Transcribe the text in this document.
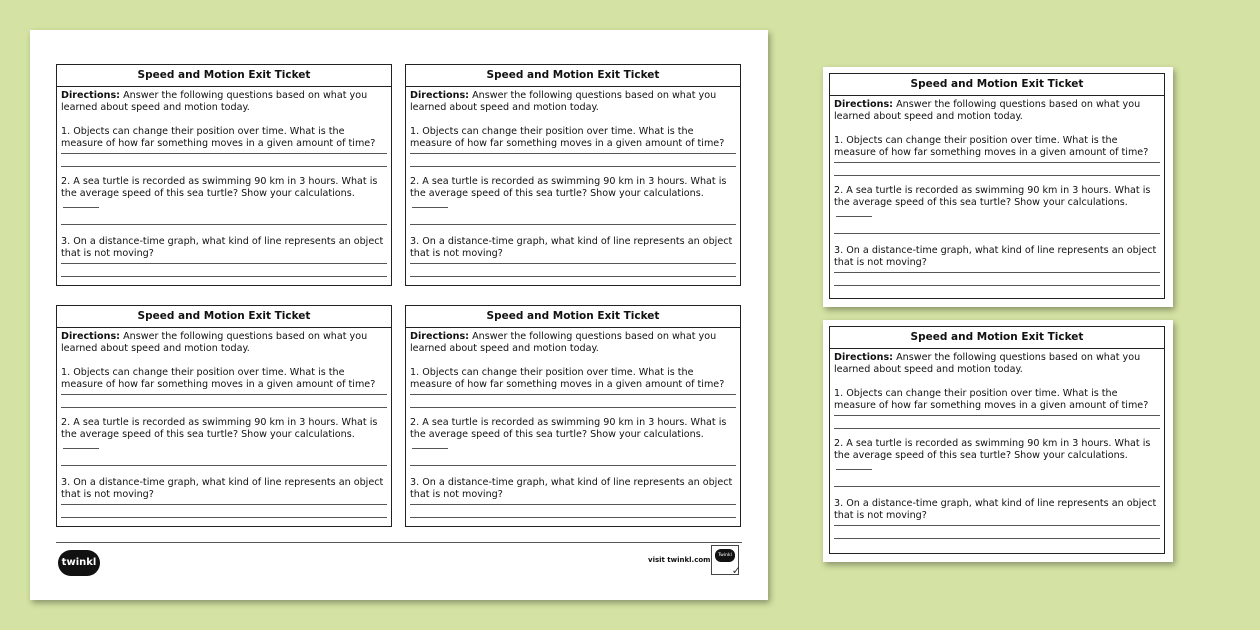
Speed and Motion Exit Ticket

Directions: Answer the following questions based on what you learned about speed and motion today.

1. Objects can change their position over time. What is the measure of how far something moves in a given amount of time?

2. A sea turtle is recorded as swimming 90 km in 3 hours. What is the average speed of this sea turtle? Show your calculations.

3. On a distance-time graph, what kind of line represents an object that is not moving?

Speed and Motion Exit Ticket

Directions: Answer the following questions based on what you learned about speed and motion today.

1. Objects can change their position over time. What is the measure of how far something moves in a given amount of time?

2. A sea turtle is recorded as swimming 90 km in 3 hours. What is the average speed of this sea turtle? Show your calculations.

3. On a distance-time graph, what kind of line represents an object that is not moving?

Speed and Motion Exit Ticket

Directions: Answer the following questions based on what you learned about speed and motion today.

1. Objects can change their position over time. What is the measure of how far something moves in a given amount of time?

2. A sea turtle is recorded as swimming 90 km in 3 hours. What is the average speed of this sea turtle? Show your calculations.

3. On a distance-time graph, what kind of line represents an object that is not moving?

Speed and Motion Exit Ticket

Directions: Answer the following questions based on what you learned about speed and motion today.

1. Objects can change their position over time. What is the measure of how far something moves in a given amount of time?

2. A sea turtle is recorded as swimming 90 km in 3 hours. What is the average speed of this sea turtle? Show your calculations.

3. On a distance-time graph, what kind of line represents an object that is not moving?

twinkl	visit twinkl.com
Twinkl
✓
Speed and Motion Exit Ticket

Directions: Answer the following questions based on what you learned about speed and motion today.

1. Objects can change their position over time. What is the measure of how far something moves in a given amount of time?

2. A sea turtle is recorded as swimming 90 km in 3 hours. What is the average speed of this sea turtle? Show your calculations.

3. On a distance-time graph, what kind of line represents an object that is not moving?

Speed and Motion Exit Ticket

Directions: Answer the following questions based on what you learned about speed and motion today.

1. Objects can change their position over time. What is the measure of how far something moves in a given amount of time?

2. A sea turtle is recorded as swimming 90 km in 3 hours. What is the average speed of this sea turtle? Show your calculations.

3. On a distance-time graph, what kind of line represents an object that is not moving?
